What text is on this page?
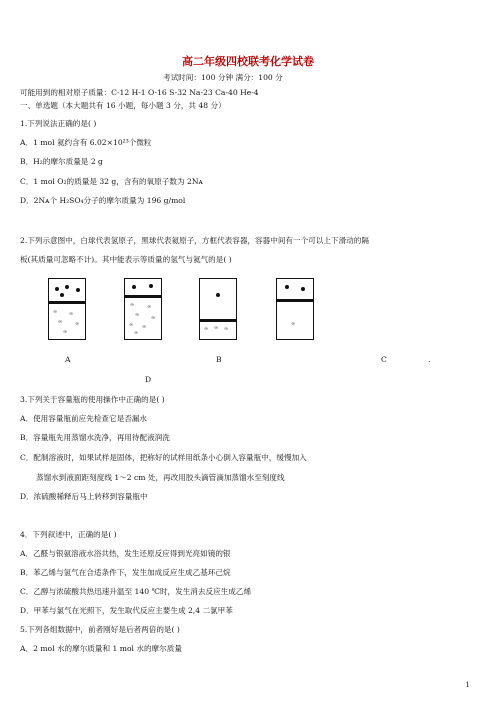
高二年级四校联考化学试卷
考试时间：100 分钟 满分：100 分
可能用到的相对原子质量：C-12 H-1 O-16 S-32 Na-23 Ca-40 He-4
一、单选题（本大题共有 16 小题，每小题 3 分，共 48 分）
1.下列说法正确的是( )
A．1 mol 氦约含有 6.02×10²³个微粒
B．H₂的摩尔质量是 2 g
C．1 mol O₂的质量是 32 g，含有的氧原子数为 2Nᴀ
D．2Nᴀ个 H₂SO₄分子的摩尔质量为 196 g/mol
2.下列示意图中，白球代表氢原子，黑球代表氦原子，方框代表容器，容器中间有一个可以上下滑动的隔
板(其质量可忽略不计)。其中能表示等质量的氢气与氦气的是( )
∞ ∞
∞	∞
∞
∞	∞
∞ ∞
∞ ∞
∞
∞ ∞ ∞
∞
A	B	C	.
D
3.下列关于容量瓶的使用操作中正确的是( )
A．使用容量瓶前应先检查它是否漏水
B．容量瓶先用蒸馏水洗净，再用待配液润洗
C．配制溶液时，如果试样是固体，把称好的试样用纸条小心倒入容量瓶中，缓慢加入
蒸馏水到液面距刻度线 1～2 cm 处，再改用胶头滴管滴加蒸馏水至刻度线
D．浓硫酸稀释后马上转移到容量瓶中
4．下列叙述中，正确的是( )
A．乙醛与银氨溶液水浴共热，发生还原反应得到光亮如镜的银
B．苯乙烯与氢气在合适条件下，发生加成反应生成乙基环己烷
C．乙醇与浓硫酸共热迅速升温至 140 ℃时，发生消去反应生成乙烯
D．甲苯与氯气在光照下，发生取代反应主要生成 2,4 二氯甲苯
5.下列各组数据中，前者刚好是后者两倍的是( )
A．2 mol 水的摩尔质量和 1 mol 水的摩尔质量
1
